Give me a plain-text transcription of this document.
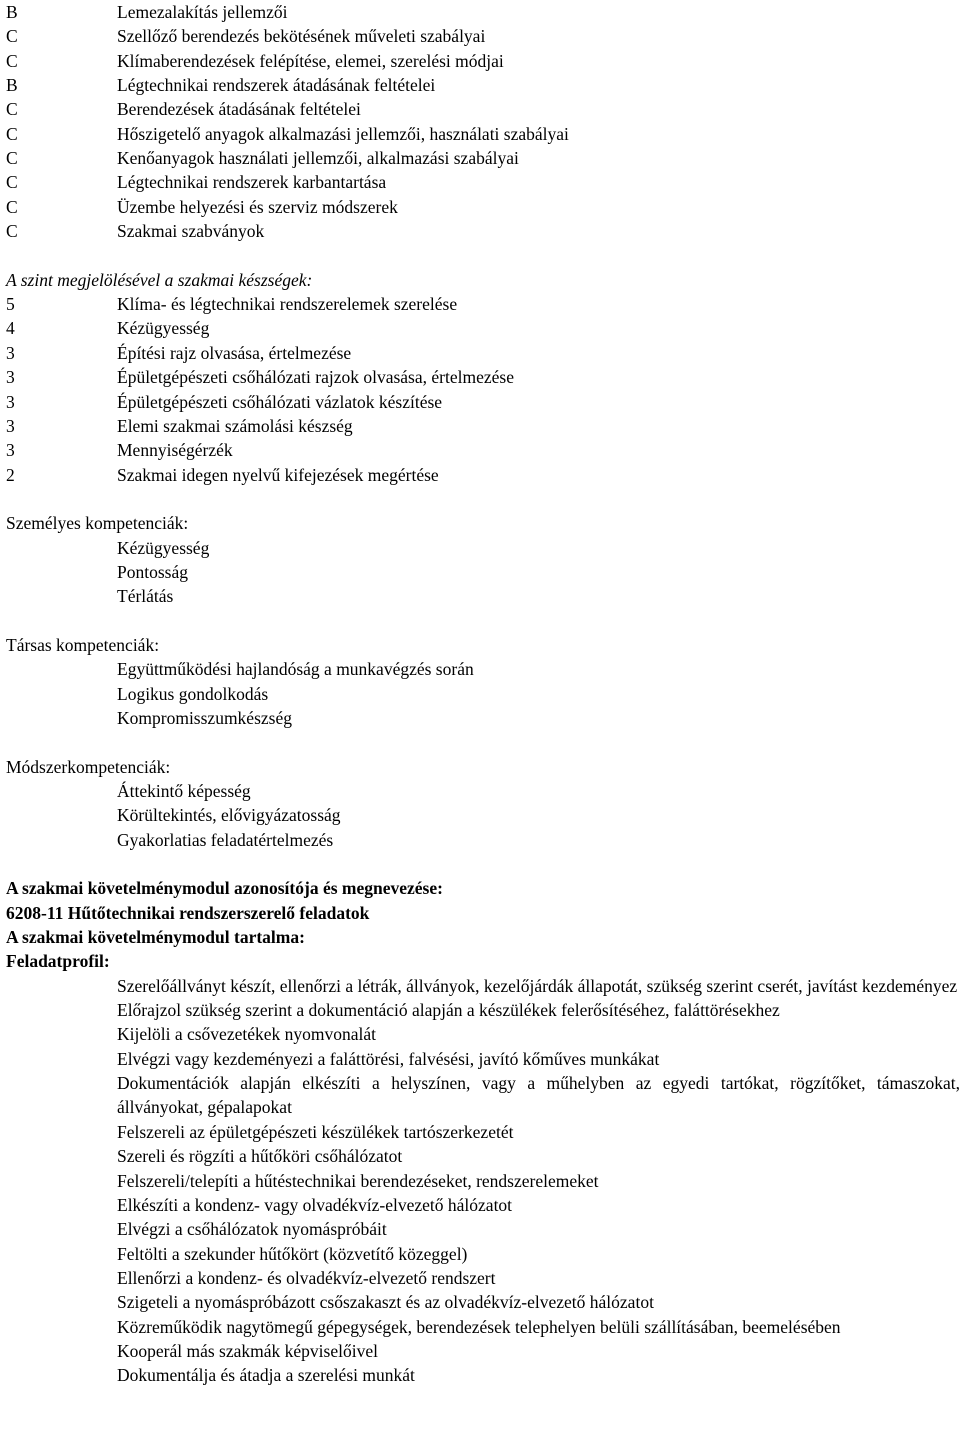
B	Lemezalakítás jellemzői
C	Szellőző berendezés bekötésének műveleti szabályai
C	Klímaberendezések felépítése, elemei, szerelési módjai
B	Légtechnikai rendszerek átadásának feltételei
C	Berendezések átadásának feltételei
C	Hőszigetelő anyagok alkalmazási jellemzői, használati szabályai
C	Kenőanyagok használati jellemzői, alkalmazási szabályai
C	Légtechnikai rendszerek karbantartása
C	Üzembe helyezési és szerviz módszerek
C	Szakmai szabványok
A szint megjelölésével a szakmai készségek:
5	Klíma- és légtechnikai rendszerelemek szerelése
4	Kézügyesség
3	Építési rajz olvasása, értelmezése
3	Épületgépészeti csőhálózati rajzok olvasása, értelmezése
3	Épületgépészeti csőhálózati vázlatok készítése
3	Elemi szakmai számolási készség
3	Mennyiségérzék
2	Szakmai idegen nyelvű kifejezések megértése
Személyes kompetenciák:
Kézügyesség
Pontosság
Térlátás
Társas kompetenciák:
Együttműködési hajlandóság a munkavégzés során
Logikus gondolkodás
Kompromisszumkészség
Módszerkompetenciák:
Áttekintő képesség
Körültekintés, elővigyázatosság
Gyakorlatias feladatértelmezés
A szakmai követelménymodul azonosítója és megnevezése:
6208-11 Hűtőtechnikai rendszerszerelő feladatok
A szakmai követelménymodul tartalma:
Feladatprofil:
Szerelőállványt készít, ellenőrzi a létrák, állványok, kezelőjárdák állapotát, szükség szerint cserét, javítást kezdeményez
Előrajzol szükség szerint a dokumentáció alapján a készülékek felerősítéséhez, faláttörésekhez
Kijelöli a csővezetékek nyomvonalát
Elvégzi vagy kezdeményezi a faláttörési, falvésési, javító kőműves munkákat
Dokumentációk alapján elkészíti a helyszínen, vagy a műhelyben az egyedi tartókat, rögzítőket, támaszokat, állványokat, gépalapokat
Felszereli az épületgépészeti készülékek tartószerkezetét
Szereli és rögzíti a hűtőköri csőhálózatot
Felszereli/telepíti a hűtéstechnikai berendezéseket, rendszerelemeket
Elkészíti a kondenz- vagy olvadékvíz-elvezető hálózatot
Elvégzi a csőhálózatok nyomáspróbáit
Feltölti a szekunder hűtőkört (közvetítő közeggel)
Ellenőrzi a kondenz- és olvadékvíz-elvezető rendszert
Szigeteli a nyomáspróbázott csőszakaszt és az olvadékvíz-elvezető hálózatot
Közreműködik nagytömegű gépegységek, berendezések telephelyen belüli szállításában, beemelésében
Kooperál más szakmák képviselőivel
Dokumentálja és átadja a szerelési munkát
